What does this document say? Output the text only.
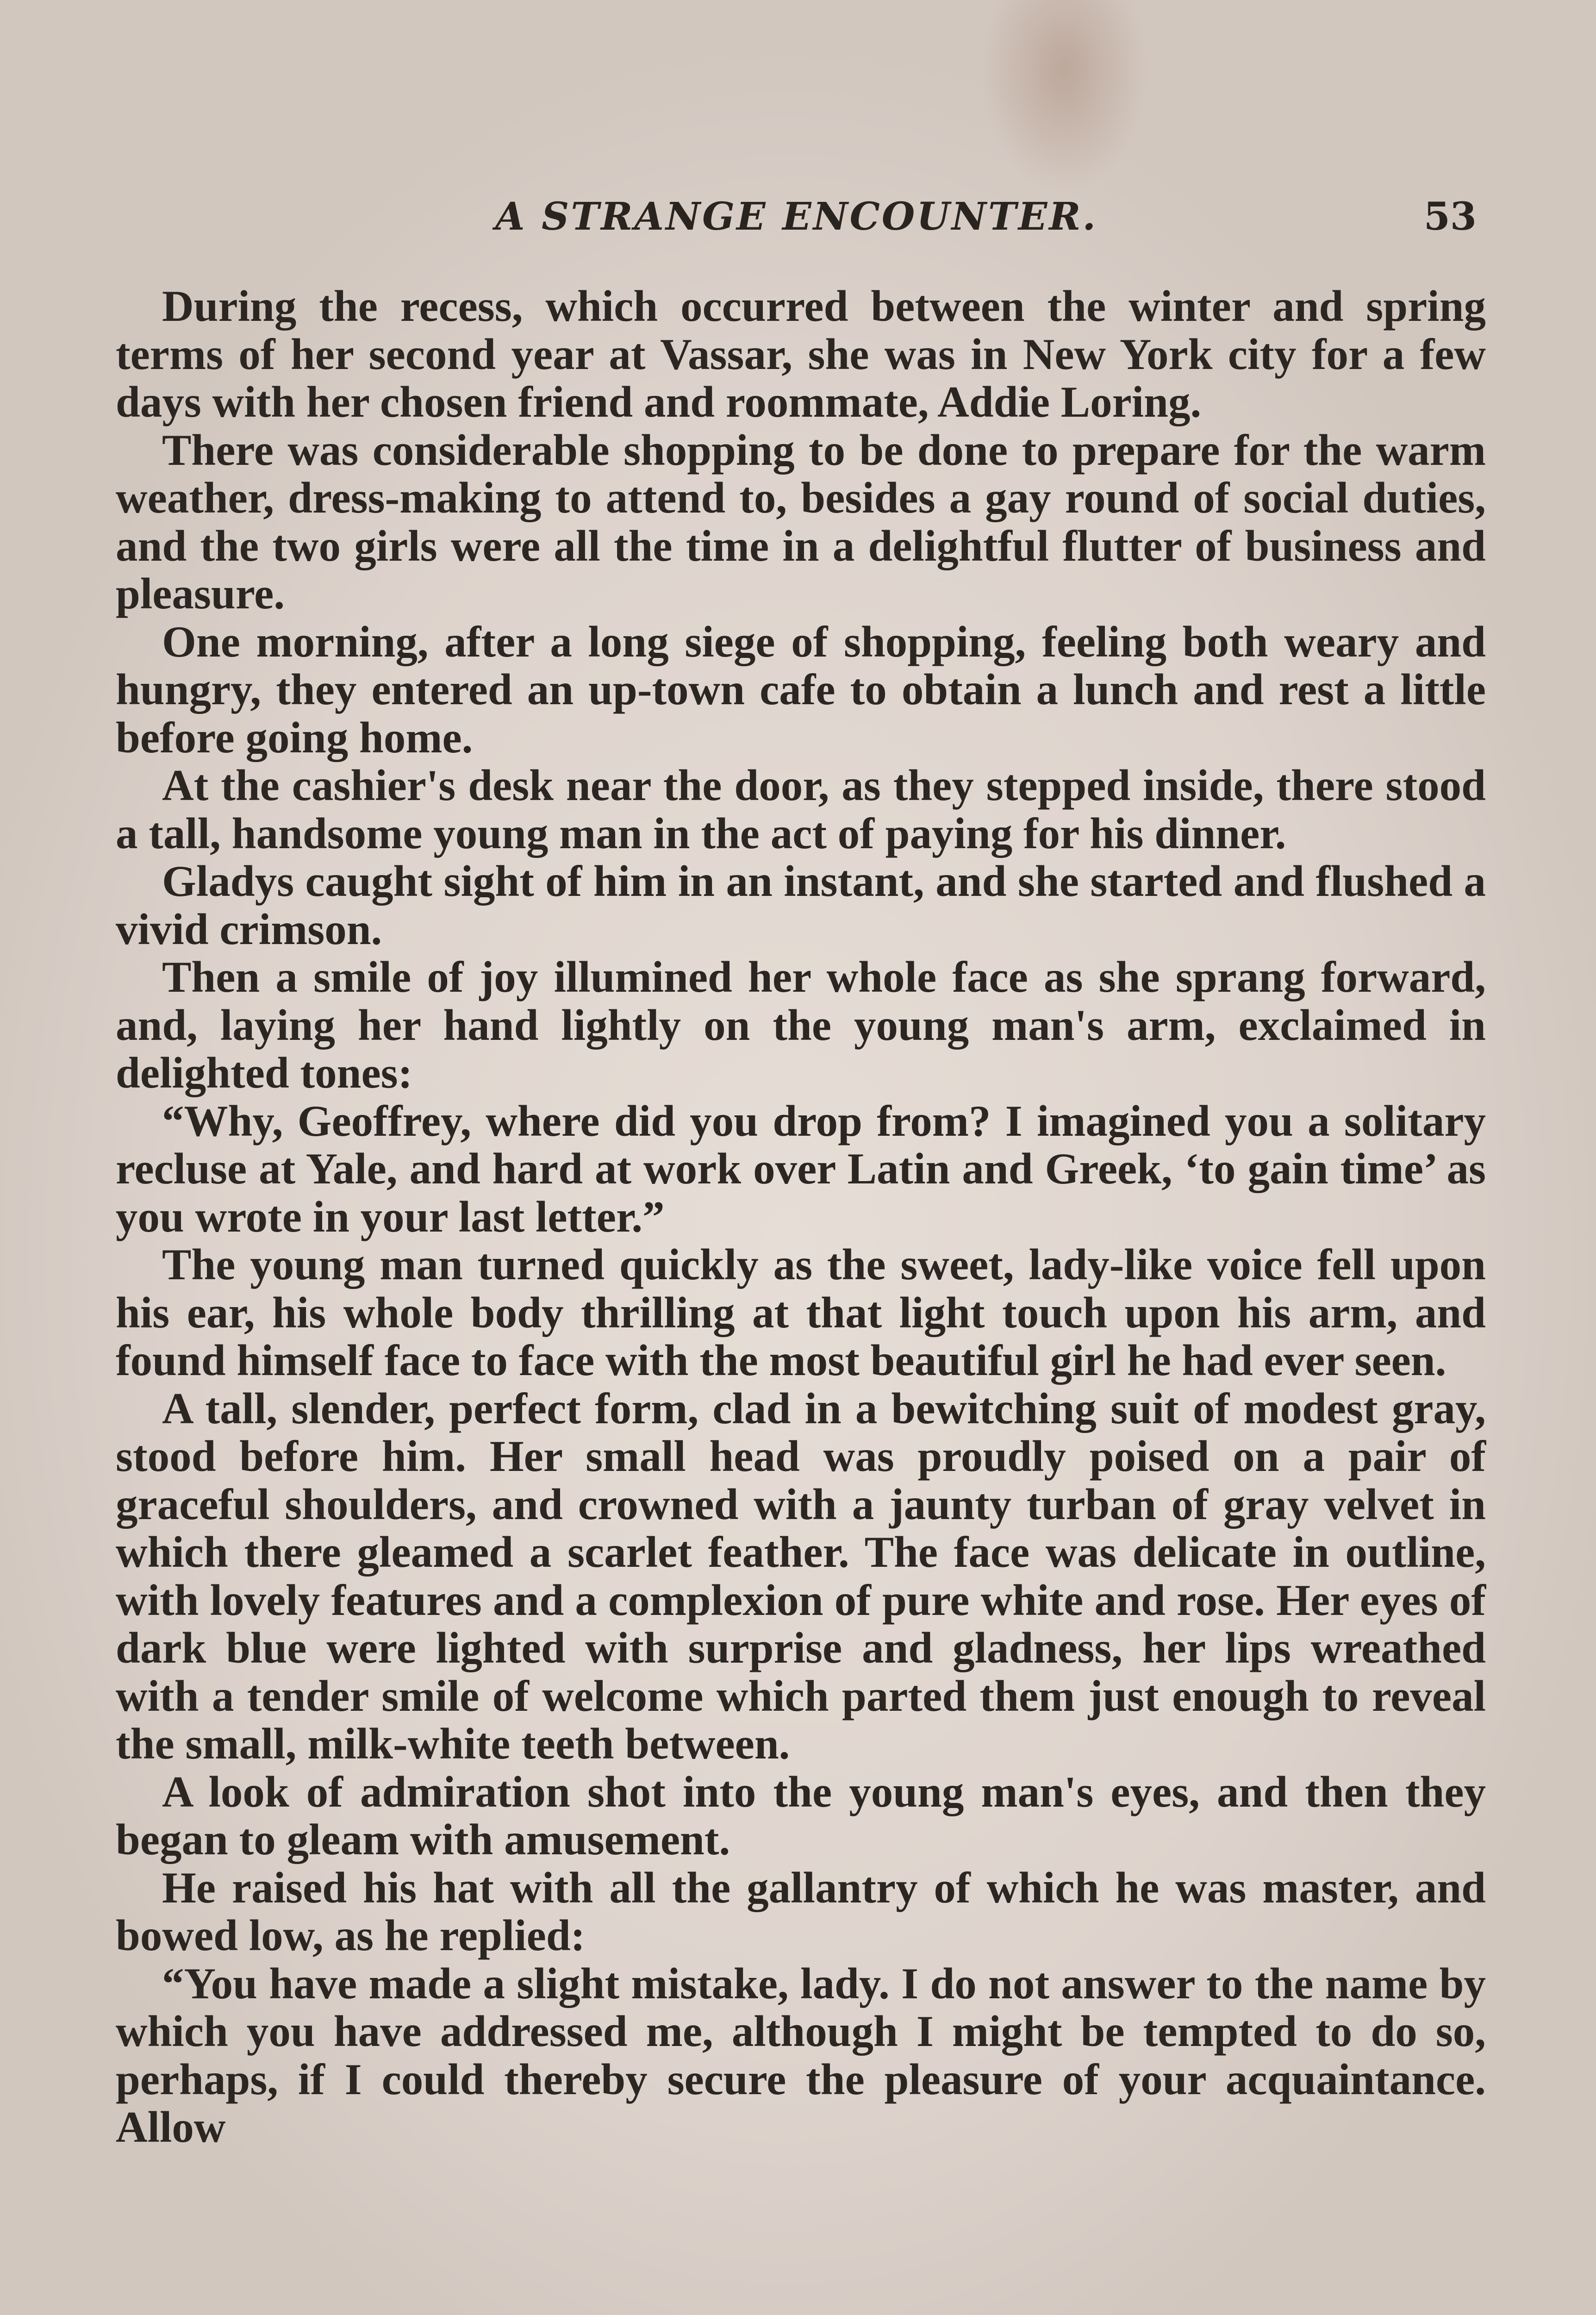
A STRANGE ENCOUNTER.	53

During the recess, which occurred between the winter and spring terms of her second year at Vassar, she was in New York city for a few days with her chosen friend and roommate, Addie Loring.

There was considerable shopping to be done to prepare for the warm weather, dress-making to attend to, besides a gay round of social duties, and the two girls were all the time in a delightful flutter of business and pleasure.

One morning, after a long siege of shopping, feeling both weary and hungry, they entered an up-town cafe to obtain a lunch and rest a little before going home.

At the cashier's desk near the door, as they stepped inside, there stood a tall, handsome young man in the act of paying for his dinner.

Gladys caught sight of him in an instant, and she started and flushed a vivid crimson.

Then a smile of joy illumined her whole face as she sprang forward, and, laying her hand lightly on the young man's arm, exclaimed in delighted tones:

“Why, Geoffrey, where did you drop from? I imagined you a solitary recluse at Yale, and hard at work over Latin and Greek, ‘to gain time’ as you wrote in your last letter.”

The young man turned quickly as the sweet, lady-like voice fell upon his ear, his whole body thrilling at that light touch upon his arm, and found himself face to face with the most beautiful girl he had ever seen.

A tall, slender, perfect form, clad in a bewitching suit of modest gray, stood before him. Her small head was proudly poised on a pair of graceful shoulders, and crowned with a jaunty turban of gray velvet in which there gleamed a scarlet feather. The face was delicate in outline, with lovely features and a complexion of pure white and rose. Her eyes of dark blue were lighted with surprise and gladness, her lips wreathed with a tender smile of welcome which parted them just enough to reveal the small, milk-white teeth between.

A look of admiration shot into the young man's eyes, and then they began to gleam with amusement.

He raised his hat with all the gallantry of which he was master, and bowed low, as he replied:

“You have made a slight mistake, lady. I do not answer to the name by which you have addressed me, although I might be tempted to do so, perhaps, if I could thereby secure the pleasure of your acquaintance. Allow
